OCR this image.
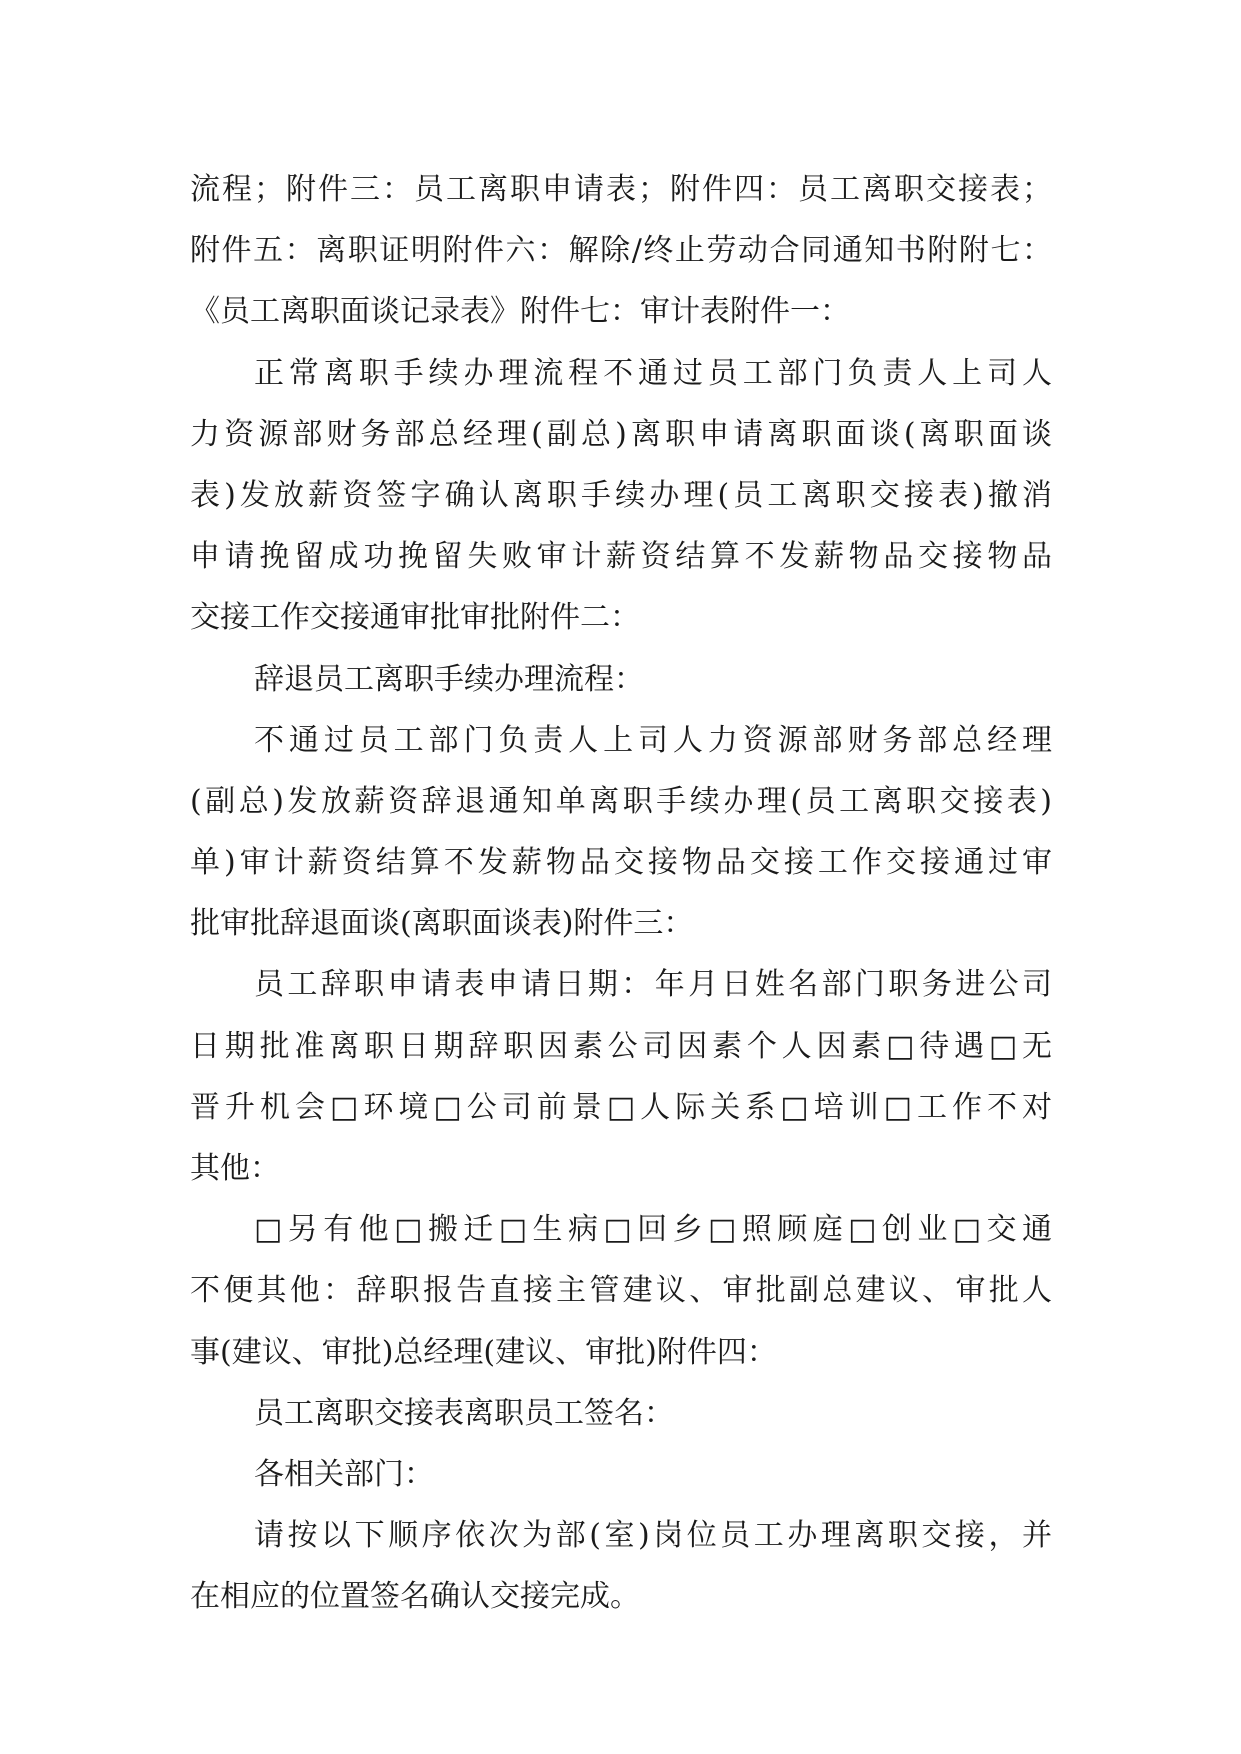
流程；附件三：员工离职申请表；附件四：员工离职交接表；
附件五：离职证明附件六：解除/终止劳动合同通知书附附七：
《员工离职面谈记录表》附件七：审计表附件一：
正常离职手续办理流程不通过员工部门负责人上司人
力资源部财务部总经理(副总)离职申请离职面谈(离职面谈
表)发放薪资签字确认离职手续办理(员工离职交接表)撤消
申请挽留成功挽留失败审计薪资结算不发薪物品交接物品
交接工作交接通审批审批附件二：
辞退员工离职手续办理流程：
不通过员工部门负责人上司人力资源部财务部总经理
(副总)发放薪资辞退通知单离职手续办理(员工离职交接表)
单)审计薪资结算不发薪物品交接物品交接工作交接通过审
批审批辞退面谈(离职面谈表)附件三：
员工辞职申请表申请日期：年月日姓名部门职务进公司
日期批准离职日期辞职因素公司因素个人因素□待遇□无
晋升机会□环境□公司前景□人际关系□培训□工作不对
其他：
□另有他□搬迁□生病□回乡□照顾庭□创业□交通
不便其他：辞职报告直接主管建议、审批副总建议、审批人
事(建议、审批)总经理(建议、审批)附件四：
员工离职交接表离职员工签名：
各相关部门：
请按以下顺序依次为部(室)岗位员工办理离职交接，并
在相应的位置签名确认交接完成。
